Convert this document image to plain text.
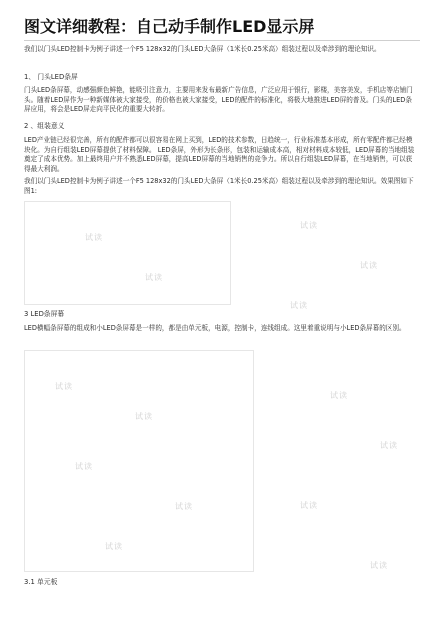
图文详细教程：自己动手制作LED显示屏

我们以门头LED控制卡为例子讲述一个F5 128x32的门头LED大条屏（1米长0.25米高）组装过程以及牵涉到的理论知识。

1、 门头LED条屏

门头LED条屏幕，动感强颜色鲜艳，能吸引注意力，主要用来发布最新广告信息，广泛应用于银行，影楼，美容美发，手机店等店铺门头。随着LED屏作为一种新媒体被大家接受，的价格也被大家接受，LED的配件的标准化，将极大地推进LED屏的普及。门头的LED条屏应用，将会是LED屏走向平民化的重要大转折。

2 、组装意义

LED产业链已经很完善，所有的配件都可以很容易在网上买到，LED的技术参数，日趋统一，行业标准基本形成，所有零配件都已经模块化。为自行组装LED屏幕提供了材料保障。 LED条屏，外形为长条形，包装和运输成本高，相对材料成本较低，LED屏幕的当地组装奠定了成本优势。加上最终用户并不熟悉LED屏幕，提高LED屏幕的当地销售的竞争力。所以自行组装LED屏幕，在当地销售，可以获得最大利润。

我们以门头LED控制卡为例子讲述一个F5 128x32的门头LED大条屏（1米长0.25米高）组装过程以及牵涉到的理论知识。效果图如下图1:

试读
试读

3 LED条屏幕

LED横幅条屏幕的组成和小LED条屏幕是一样的，都是由单元板，电源，控制卡，连线组成。这里着重说明与小LED条屏幕的区别。

试读
试读
试读
试读
试读
试读
试读
试读
试读
试读
试读
试读

3.1 单元板
